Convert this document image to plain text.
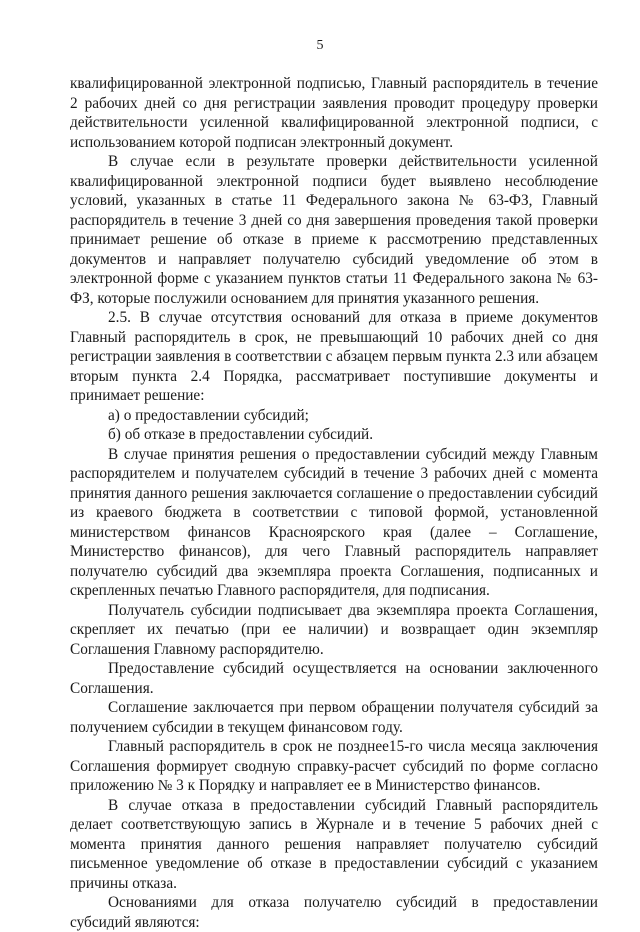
5

квалифицированной электронной подписью, Главный распорядитель в течение 2 рабочих дней со дня регистрации заявления проводит процедуру проверки действительности усиленной квалифицированной электронной подписи, с использованием которой подписан электронный документ.

В случае если в результате проверки действительности усиленной квалифицированной электронной подписи будет выявлено несоблюдение условий, указанных в статье 11 Федерального закона № 63-ФЗ, Главный распорядитель в течение 3 дней со дня завершения проведения такой проверки принимает решение об отказе в приеме к рассмотрению представленных документов и направляет получателю субсидий уведомление об этом в электронной форме с указанием пунктов статьи 11 Федерального закона № 63-ФЗ, которые послужили основанием для принятия указанного решения.

2.5. В случае отсутствия оснований для отказа в приеме документов Главный распорядитель в срок, не превышающий 10 рабочих дней со дня регистрации заявления в соответствии с абзацем первым пункта 2.3 или абзацем вторым пункта 2.4 Порядка, рассматривает поступившие документы и принимает решение:

а) о предоставлении субсидий;

б) об отказе в предоставлении субсидий.

В случае принятия решения о предоставлении субсидий между Главным распорядителем и получателем субсидий в течение 3 рабочих дней с момента принятия данного решения заключается соглашение о предоставлении субсидий из краевого бюджета в соответствии с типовой формой, установленной министерством финансов Красноярского края (далее – Соглашение, Министерство финансов), для чего Главный распорядитель направляет получателю субсидий два экземпляра проекта Соглашения, подписанных и скрепленных печатью Главного распорядителя, для подписания.

Получатель субсидии подписывает два экземпляра проекта Соглашения, скрепляет их печатью (при ее наличии) и возвращает один экземпляр Соглашения Главному распорядителю.

Предоставление субсидий осуществляется на основании заключенного Соглашения.

Соглашение заключается при первом обращении получателя субсидий за получением субсидии в текущем финансовом году.

Главный распорядитель в срок не позднее15-го числа месяца заключения Соглашения формирует сводную справку-расчет субсидий по форме согласно приложению № 3 к Порядку и направляет ее в Министерство финансов.

В случае отказа в предоставлении субсидий Главный распорядитель делает соответствующую запись в Журнале и в течение 5 рабочих дней с момента принятия данного решения направляет получателю субсидий письменное уведомление об отказе в предоставлении субсидий с указанием причины отказа.

Основаниями для отказа получателю субсидий в предоставлении субсидий являются:
